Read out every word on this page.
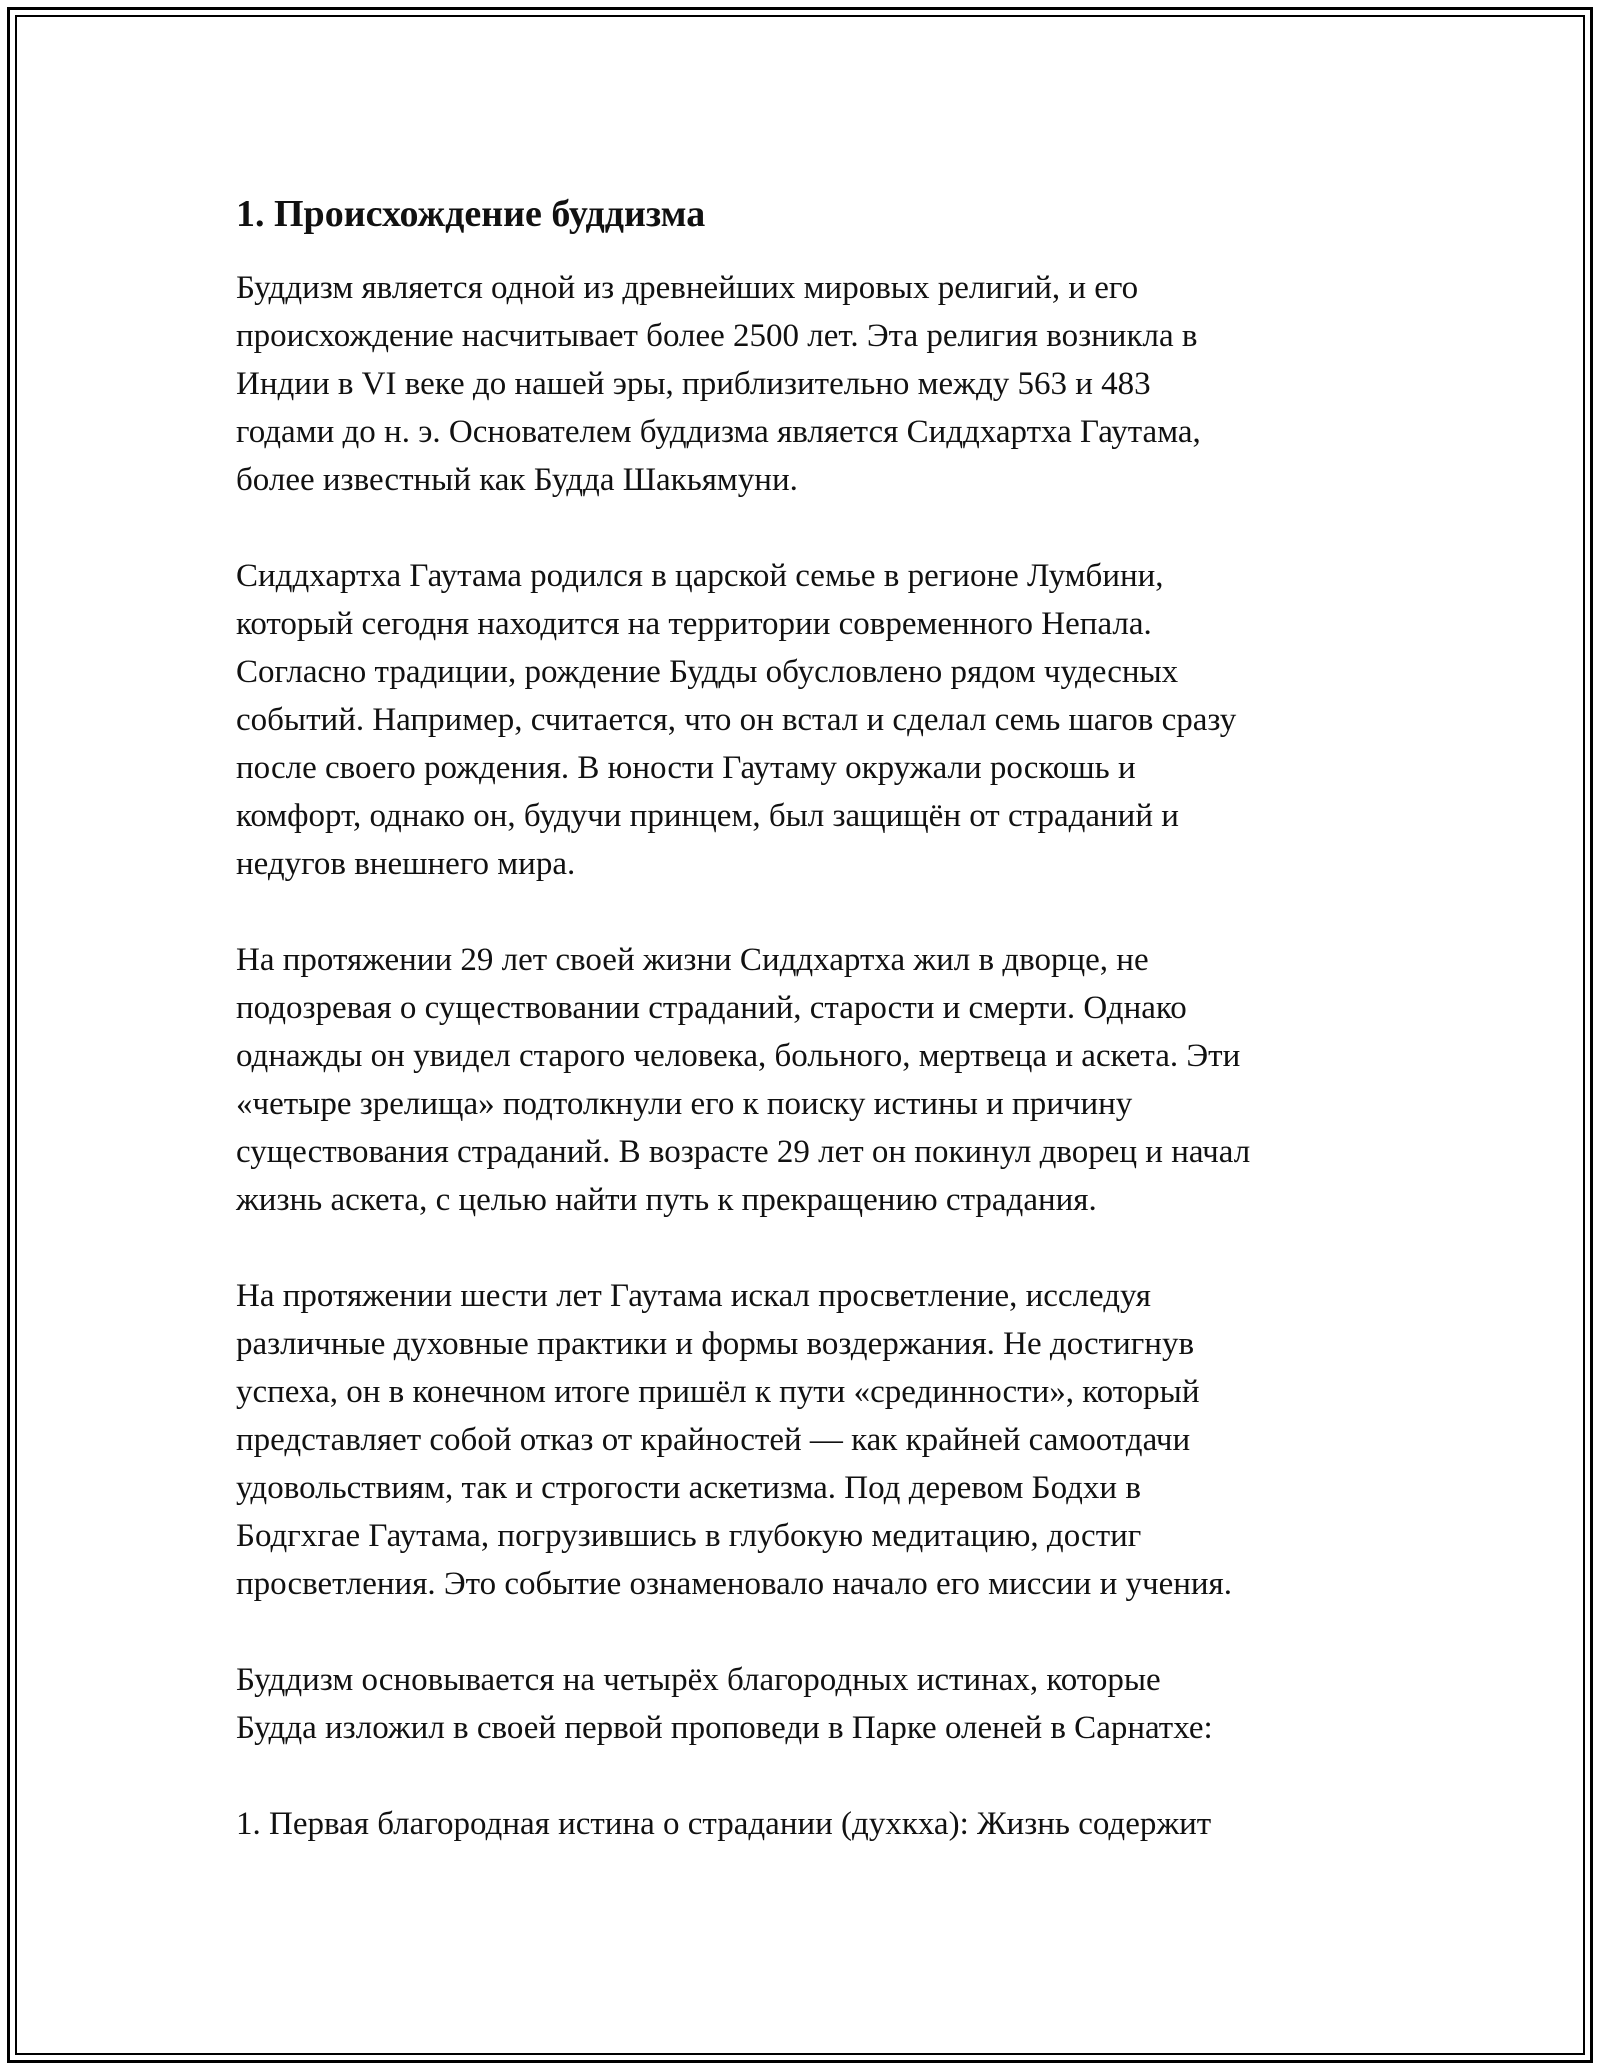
1. Происхождение буддизма

Буддизм является одной из древнейших мировых религий, и его
происхождение насчитывает более 2500 лет. Эта религия возникла в
Индии в VI веке до нашей эры, приблизительно между 563 и 483
годами до н. э. Основателем буддизма является Сиддхартха Гаутама,
более известный как Будда Шакьямуни.

Сиддхартха Гаутама родился в царской семье в регионе Лумбини,
который сегодня находится на территории современного Непала.
Согласно традиции, рождение Будды обусловлено рядом чудесных
событий. Например, считается, что он встал и сделал семь шагов сразу
после своего рождения. В юности Гаутаму окружали роскошь и
комфорт, однако он, будучи принцем, был защищён от страданий и
недугов внешнего мира.

На протяжении 29 лет своей жизни Сиддхартха жил в дворце, не
подозревая о существовании страданий, старости и смерти. Однако
однажды он увидел старого человека, больного, мертвеца и аскета. Эти
«четыре зрелища» подтолкнули его к поиску истины и причину
существования страданий. В возрасте 29 лет он покинул дворец и начал
жизнь аскета, с целью найти путь к прекращению страдания.

На протяжении шести лет Гаутама искал просветление, исследуя
различные духовные практики и формы воздержания. Не достигнув
успеха, он в конечном итоге пришёл к пути «срединности», который
представляет собой отказ от крайностей — как крайней самоотдачи
удовольствиям, так и строгости аскетизма. Под деревом Бодхи в
Бодгхгае Гаутама, погрузившись в глубокую медитацию, достиг
просветления. Это событие ознаменовало начало его миссии и учения.

Буддизм основывается на четырёх благородных истинах, которые
Будда изложил в своей первой проповеди в Парке оленей в Сарнатхе:

1. Первая благородная истина о страдании (духкха): Жизнь содержит
